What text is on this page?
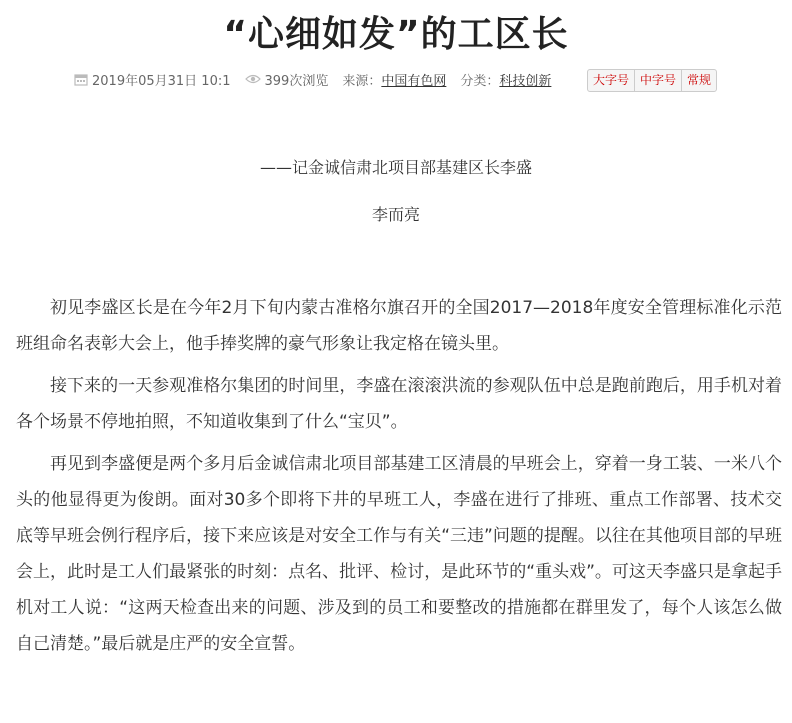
“心细如发”的工区长
2019年05月31日 10:1	399次浏览 来源： 中国有色网 分类： 科技创新	大字号 中字号 常规
——记金诚信肃北项目部基建区长李盛
李而亮

初见李盛区长是在今年2月下旬内蒙古准格尔旗召开的全国2017—2018年度安全管理标准化示范班组命名表彰大会上，他手捧奖牌的豪气形象让我定格在镜头里。

接下来的一天参观准格尔集团的时间里，李盛在滚滚洪流的参观队伍中总是跑前跑后，用手机对着各个场景不停地拍照，不知道收集到了什么“宝贝”。

再见到李盛便是两个多月后金诚信肃北项目部基建工区清晨的早班会上，穿着一身工装、一米八个头的他显得更为俊朗。面对30多个即将下井的早班工人，李盛在进行了排班、重点工作部署、技术交底等早班会例行程序后，接下来应该是对安全工作与有关“三违”问题的提醒。以往在其他项目部的早班会上，此时是工人们最紧张的时刻：点名、批评、检讨，是此环节的“重头戏”。可这天李盛只是拿起手机对工人说：“这两天检查出来的问题、涉及到的员工和要整改的措施都在群里发了，每个人该怎么做自己清楚。”最后就是庄严的安全宣誓。
